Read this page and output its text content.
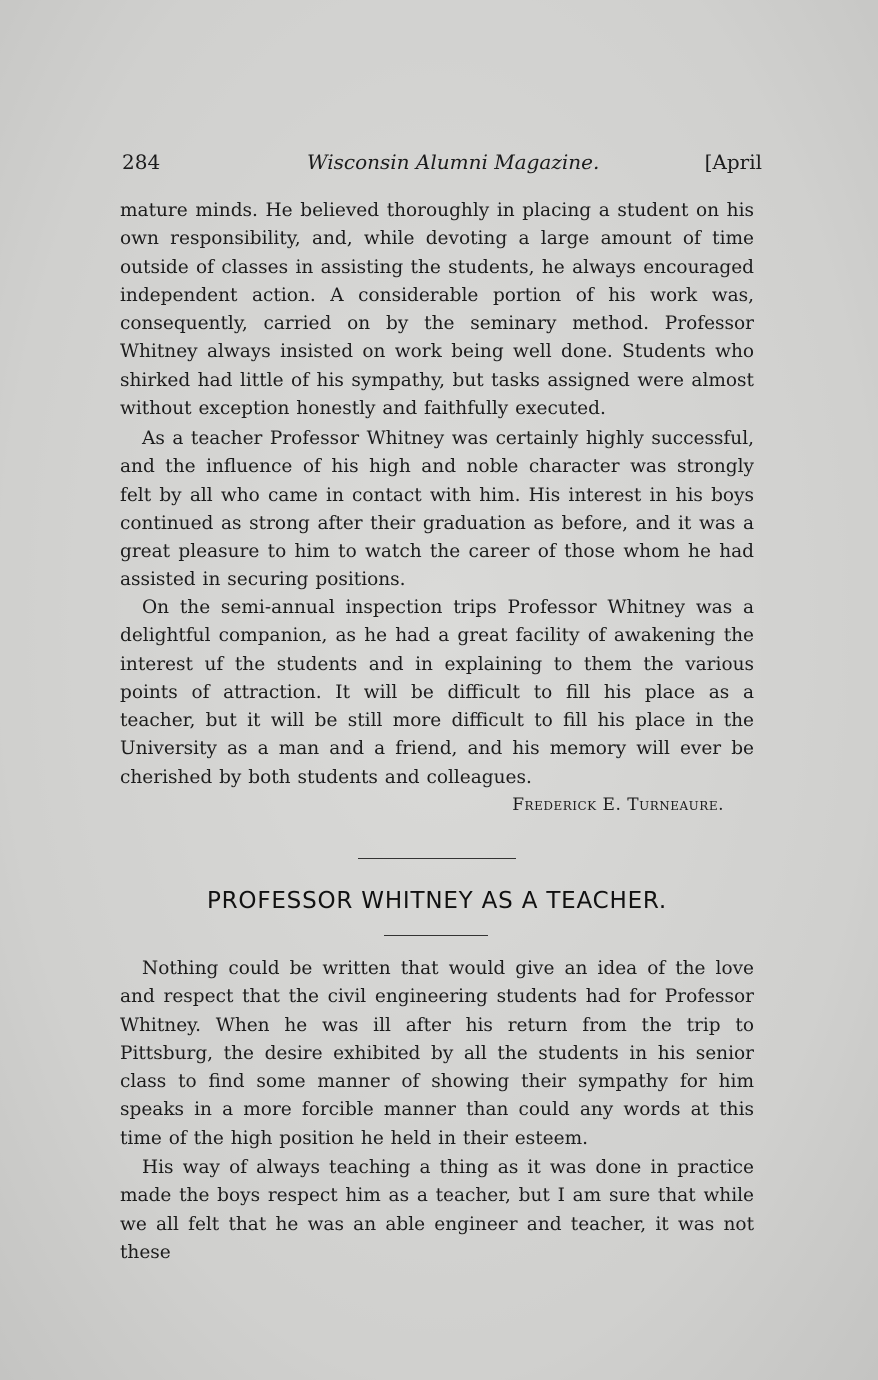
284	Wisconsin Alumni Magazine.	[April

mature minds. He believed thoroughly in placing a student on his own responsibility, and, while devoting a large amount of time outside of classes in assisting the students, he always encouraged independent action. A considerable portion of his work was, consequently, carried on by the seminary method. Professor Whitney always insisted on work being well done. Students who shirked had little of his sympathy, but tasks assigned were almost without exception honestly and faithfully executed.

As a teacher Professor Whitney was certainly highly successful, and the influence of his high and noble character was strongly felt by all who came in contact with him. His interest in his boys continued as strong after their graduation as before, and it was a great pleasure to him to watch the career of those whom he had assisted in securing positions.

On the semi-annual inspection trips Professor Whitney was a delightful companion, as he had a great facility of awakening the interest uf the students and in explaining to them the various points of attraction. It will be difficult to fill his place as a teacher, but it will be still more difficult to fill his place in the University as a man and a friend, and his memory will ever be cherished by both students and colleagues.

Frederick E. Turneaure.
PROFESSOR WHITNEY AS A TEACHER.

Nothing could be written that would give an idea of the love and respect that the civil engineering students had for Professor Whitney. When he was ill after his return from the trip to Pittsburg, the desire exhibited by all the students in his senior class to find some manner of showing their sympathy for him speaks in a more forcible manner than could any words at this time of the high position he held in their esteem.

His way of always teaching a thing as it was done in practice made the boys respect him as a teacher, but I am sure that while we all felt that he was an able engineer and teacher, it was not these
